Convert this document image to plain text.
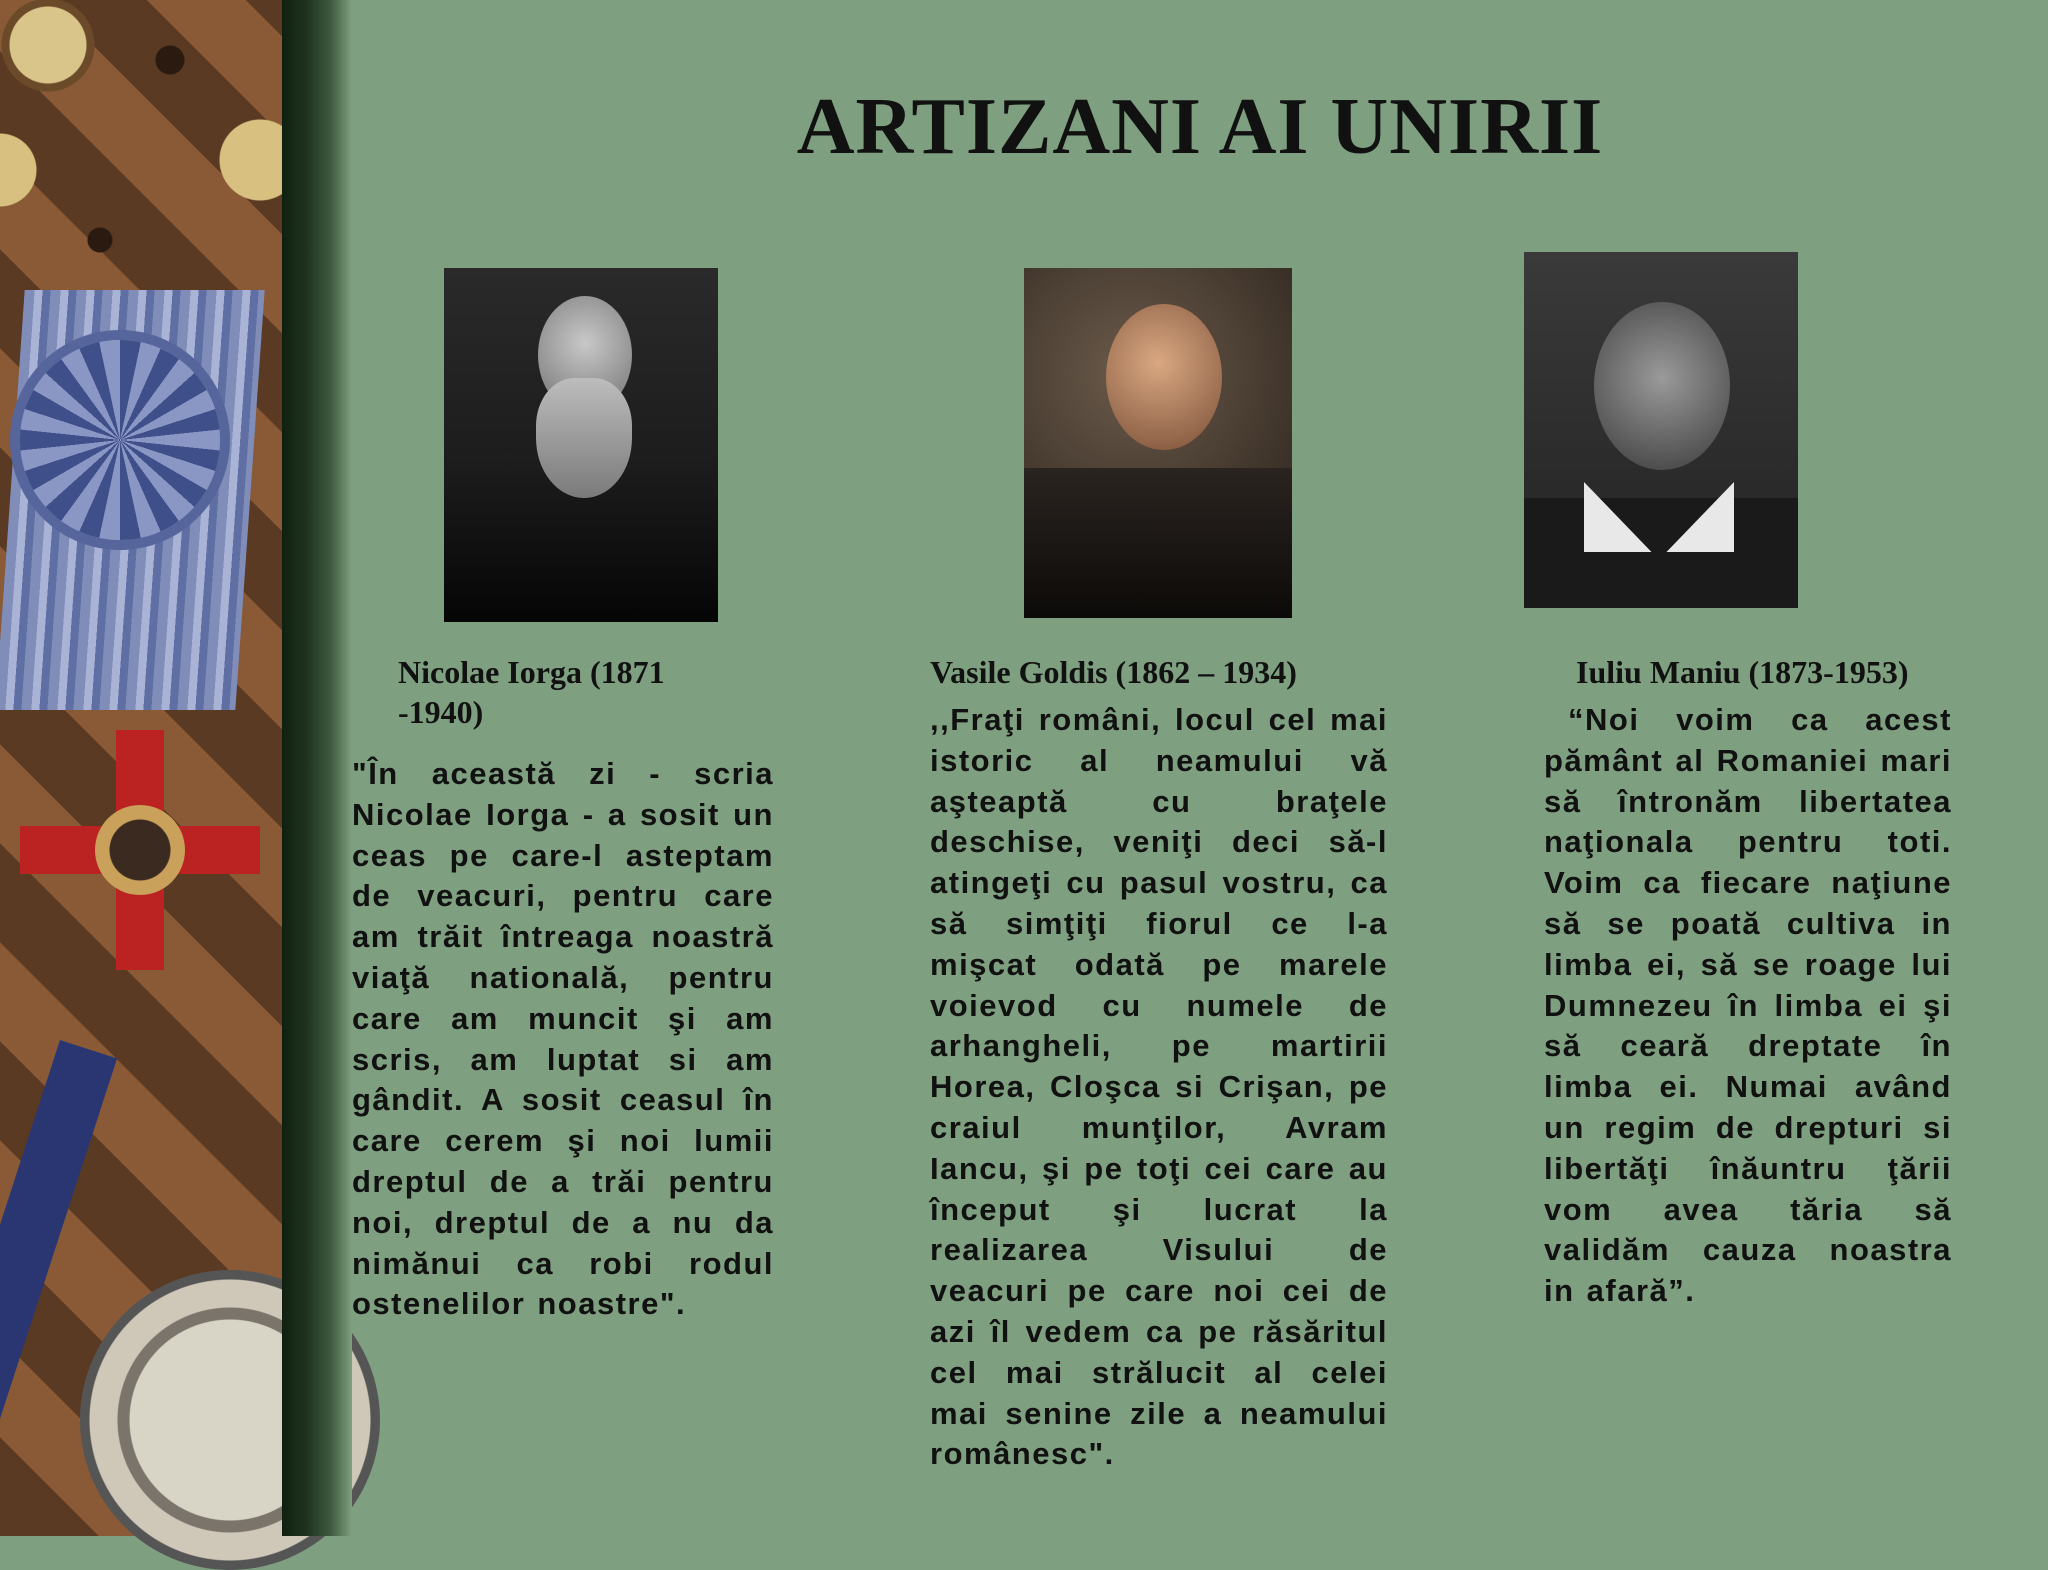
ARTIZANI AI UNIRII

Nicolae Iorga (1871 -1940)

Vasile Goldis (1862 – 1934)	Iuliu Maniu (1873-1953)

"În această zi - scria Nicolae Iorga - a sosit un ceas pe care-l asteptam de veacuri, pentru care am trăit întreaga noastră viaţă natională, pentru care am muncit şi am scris, am luptat si am gândit. A sosit ceasul în care cerem şi noi lumii dreptul de a trăi pentru noi, dreptul de a nu da nimănui ca robi rodul ostenelilor noastre".

,,Fraţi români, locul cel mai istoric al neamului vă aşteaptă cu braţele deschise, veniţi deci să-l atingeţi cu pasul vostru, ca să simţiţi fiorul ce l-a mişcat odată pe marele voievod cu numele de arhangheli, pe martirii Horea, Cloşca si Crişan, pe craiul munţilor, Avram Iancu, şi pe toţi cei care au început şi lucrat la realizarea Visului de veacuri pe care noi cei de azi îl vedem ca pe răsăritul cel mai strălucit al celei mai senine zile a neamului românesc".

“Noi voim ca acest pământ al Romaniei mari să întronăm libertatea naţionala pentru toti. Voim ca fiecare naţiune să se poată cultiva in limba ei, să se roage lui Dumnezeu în limba ei şi să ceară dreptate în limba ei. Numai având un regim de drepturi si libertăţi înăuntru ţării vom avea tăria să validăm cauza noastra in afară”.
